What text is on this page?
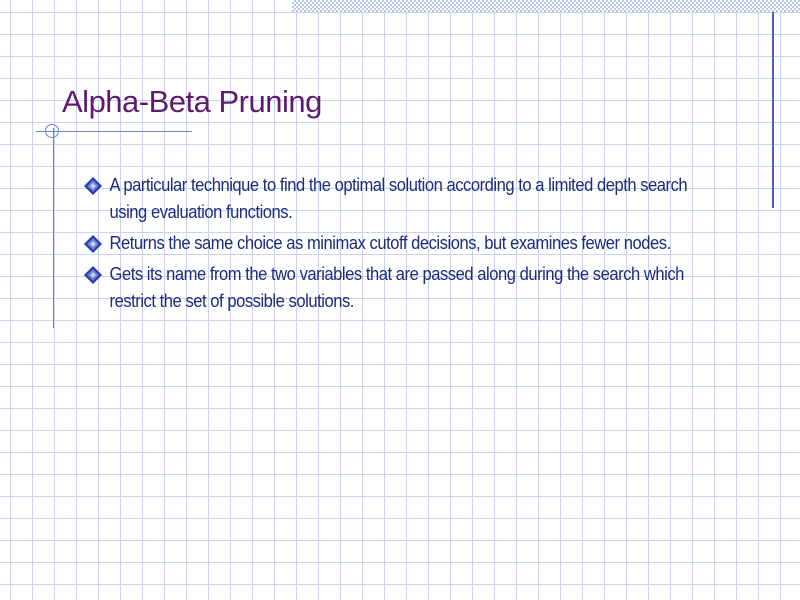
Alpha-Beta Pruning
A particular technique to find the optimal solution according to a limited depth search using evaluation functions.
Returns the same choice as minimax cutoff decisions, but examines fewer nodes.
Gets its name from the two variables that are passed along during the search which restrict the set of possible solutions.
